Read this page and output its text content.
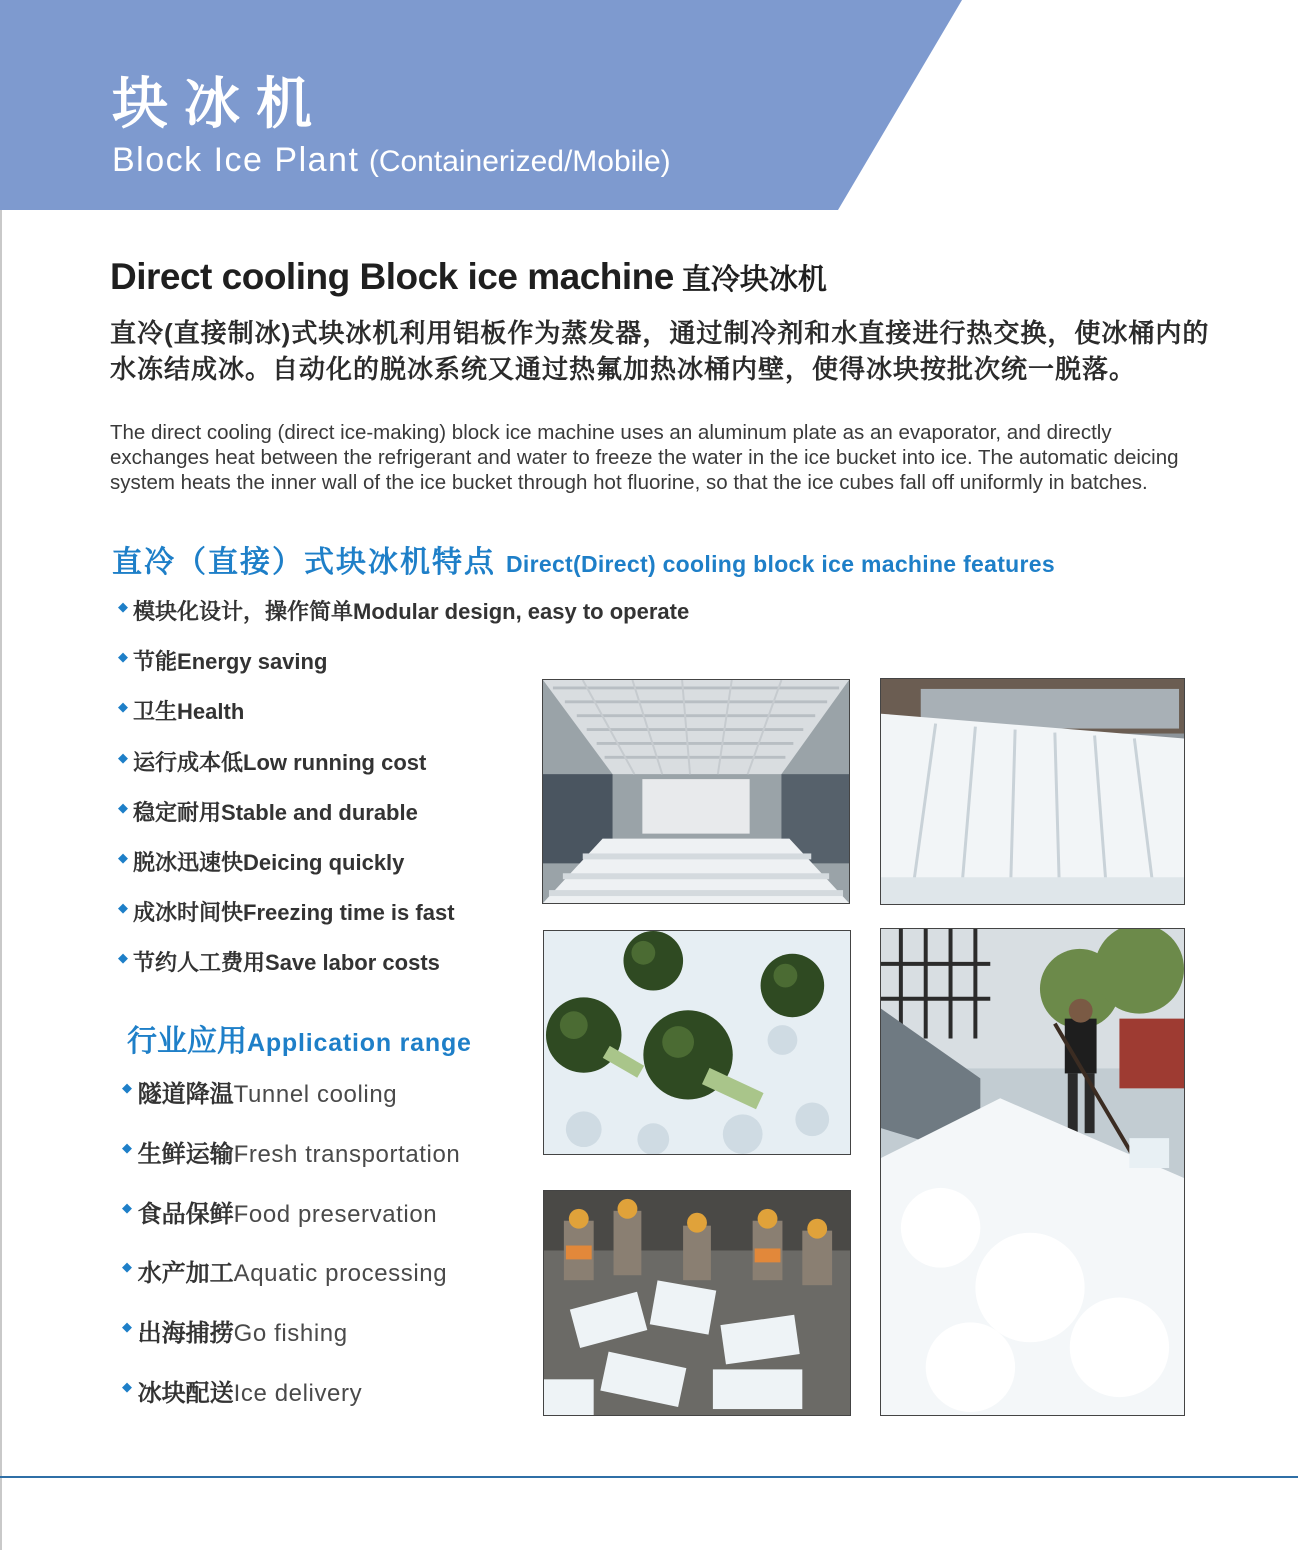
块冰机

Block Ice Plant (Containerized/Mobile)

Direct cooling Block ice machine 直冷块冰机

直冷(直接制冰)式块冰机利用铝板作为蒸发器，通过制冷剂和水直接进行热交换，使冰桶内的水冻结成冰。自动化的脱冰系统又通过热氟加热冰桶内壁，使得冰块按批次统一脱落。

The direct cooling (direct ice-making) block ice machine uses an aluminum plate as an evaporator, and directly exchanges heat between the refrigerant and water to freeze the water in the ice bucket into ice. The automatic deicing system heats the inner wall of the ice bucket through hot fluorine, so that the ice cubes fall off uniformly in batches.

直冷（直接）式块冰机特点 Direct(Direct) cooling block ice machine features
◆ 模块化设计，操作简单 Modular design, easy to operate
◆ 节能 Energy saving
◆ 卫生 Health
◆ 运行成本低 Low running cost
◆ 稳定耐用 Stable and durable
◆ 脱冰迅速快 Deicing quickly
◆ 成冰时间快 Freezing time is fast
◆ 节约人工费用 Save labor costs
行业应用Application range
◆ 隧道降温 Tunnel cooling
◆ 生鲜运输 Fresh transportation
◆ 食品保鲜 Food preservation
◆ 水产加工 Aquatic processing
◆ 出海捕捞 Go fishing
◆ 冰块配送 Ice delivery
